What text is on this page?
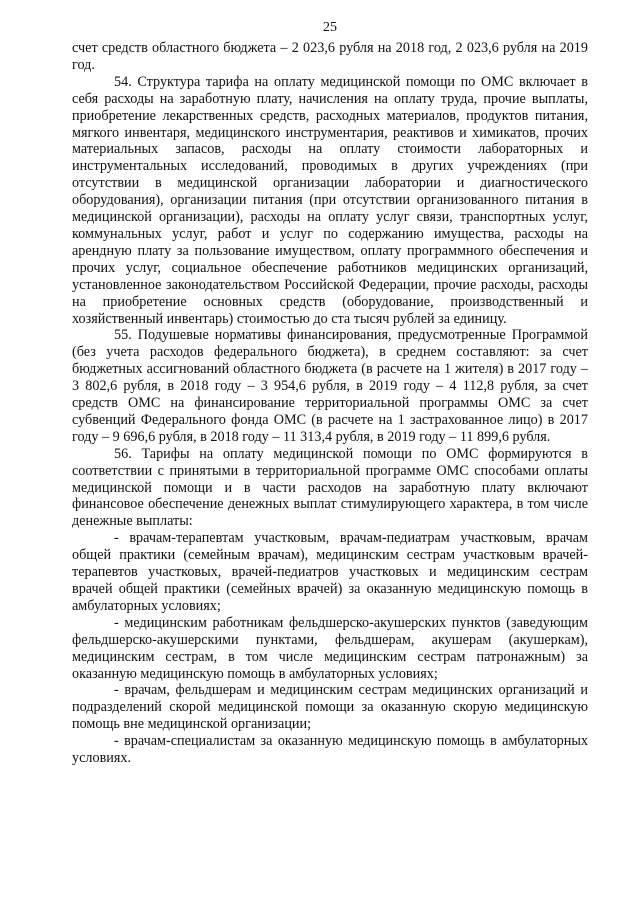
25

счет средств областного бюджета – 2 023,6 рубля на 2018 год, 2 023,6 рубля на 2019 год.

54. Структура тарифа на оплату медицинской помощи по ОМС включает в себя расходы на заработную плату, начисления на оплату труда, прочие выплаты, приобретение лекарственных средств, расходных материалов, продуктов питания, мягкого инвентаря, медицинского инструментария, реактивов и химикатов, прочих материальных запасов, расходы на оплату стоимости лабораторных и инструментальных исследований, проводимых в других учреждениях (при отсутствии в медицинской организации лаборатории и диагностического оборудования), организации питания (при отсутствии организованного питания в медицинской организации), расходы на оплату услуг связи, транспортных услуг, коммунальных услуг, работ и услуг по содержанию имущества, расходы на арендную плату за пользование имуществом, оплату программного обеспечения и прочих услуг, социальное обеспечение работников медицинских организаций, установленное законодательством Российской Федерации, прочие расходы, расходы на приобретение основных средств (оборудование, производственный и хозяйственный инвентарь) стоимостью до ста тысяч рублей за единицу.

55. Подушевые нормативы финансирования, предусмотренные Программой (без учета расходов федерального бюджета), в среднем составляют: за счет бюджетных ассигнований областного бюджета (в расчете на 1 жителя) в 2017 году – 3 802,6 рубля, в 2018 году – 3 954,6 рубля, в 2019 году – 4 112,8 рубля, за счет средств ОМС на финансирование территориальной программы ОМС за счет субвенций Федерального фонда ОМС (в расчете на 1 застрахованное лицо) в 2017 году – 9 696,6 рубля, в 2018 году – 11 313,4 рубля, в 2019 году – 11 899,6 рубля.

56. Тарифы на оплату медицинской помощи по ОМС формируются в соответствии с принятыми в территориальной программе ОМС способами оплаты медицинской помощи и в части расходов на заработную плату включают финансовое обеспечение денежных выплат стимулирующего характера, в том числе денежные выплаты:

- врачам-терапевтам участковым, врачам-педиатрам участковым, врачам общей практики (семейным врачам), медицинским сестрам участковым врачей-терапевтов участковых, врачей-педиатров участковых и медицинским сестрам врачей общей практики (семейных врачей) за оказанную медицинскую помощь в амбулаторных условиях;

- медицинским работникам фельдшерско-акушерских пунктов (заведующим фельдшерско-акушерскими пунктами, фельдшерам, акушерам (акушеркам), медицинским сестрам, в том числе медицинским сестрам патронажным) за оказанную медицинскую помощь в амбулаторных условиях;

- врачам, фельдшерам и медицинским сестрам медицинских организаций и подразделений скорой медицинской помощи за оказанную скорую медицинскую помощь вне медицинской организации;

- врачам-специалистам за оказанную медицинскую помощь в амбулаторных условиях.
